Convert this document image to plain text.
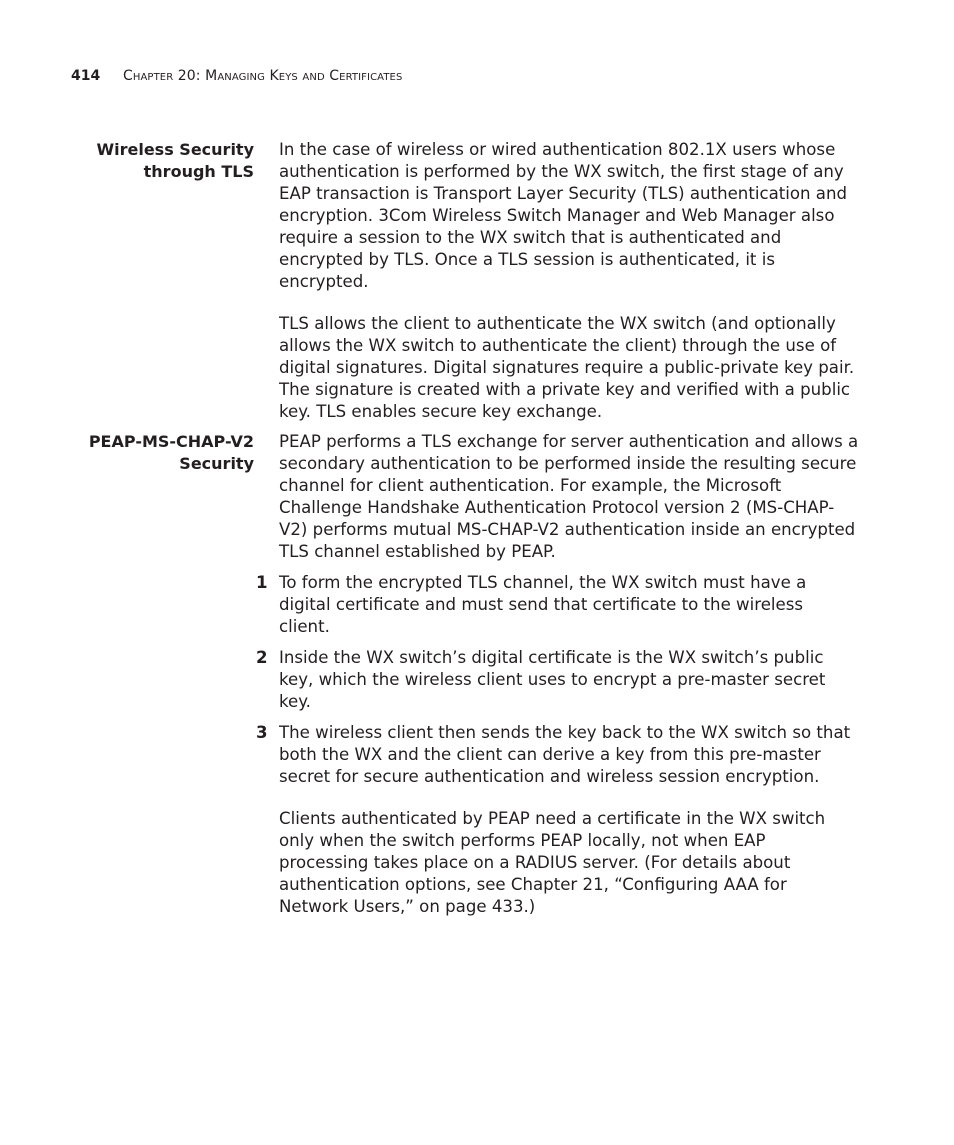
414 Chapter 20: Managing Keys and Certificates
Wireless Security
through TLS

In the case of wireless or wired authentication 802.1X users whose authentication is performed by the WX switch, the first stage of any EAP transaction is Transport Layer Security (TLS) authentication and encryption. 3Com Wireless Switch Manager and Web Manager also require a session to the WX switch that is authenticated and encrypted by TLS. Once a TLS session is authenticated, it is encrypted.

TLS allows the client to authenticate the WX switch (and optionally allows the WX switch to authenticate the client) through the use of digital signatures. Digital signatures require a public-private key pair. The signature is created with a private key and verified with a public key. TLS enables secure key exchange.

PEAP-MS-CHAP-V2
Security

PEAP performs a TLS exchange for server authentication and allows a secondary authentication to be performed inside the resulting secure channel for client authentication. For example, the Microsoft Challenge Handshake Authentication Protocol version 2 (MS-CHAP-V2) performs mutual MS-CHAP-V2 authentication inside an encrypted TLS channel established by PEAP.

1 To form the encrypted TLS channel, the WX switch must have a digital certificate and must send that certificate to the wireless client.

2 Inside the WX switch’s digital certificate is the WX switch’s public key, which the wireless client uses to encrypt a pre-master secret key.

3 The wireless client then sends the key back to the WX switch so that both the WX and the client can derive a key from this pre-master secret for secure authentication and wireless session encryption.

Clients authenticated by PEAP need a certificate in the WX switch only when the switch performs PEAP locally, not when EAP processing takes place on a RADIUS server. (For details about authentication options, see Chapter 21, “Configuring AAA for Network Users,” on page 433.)
